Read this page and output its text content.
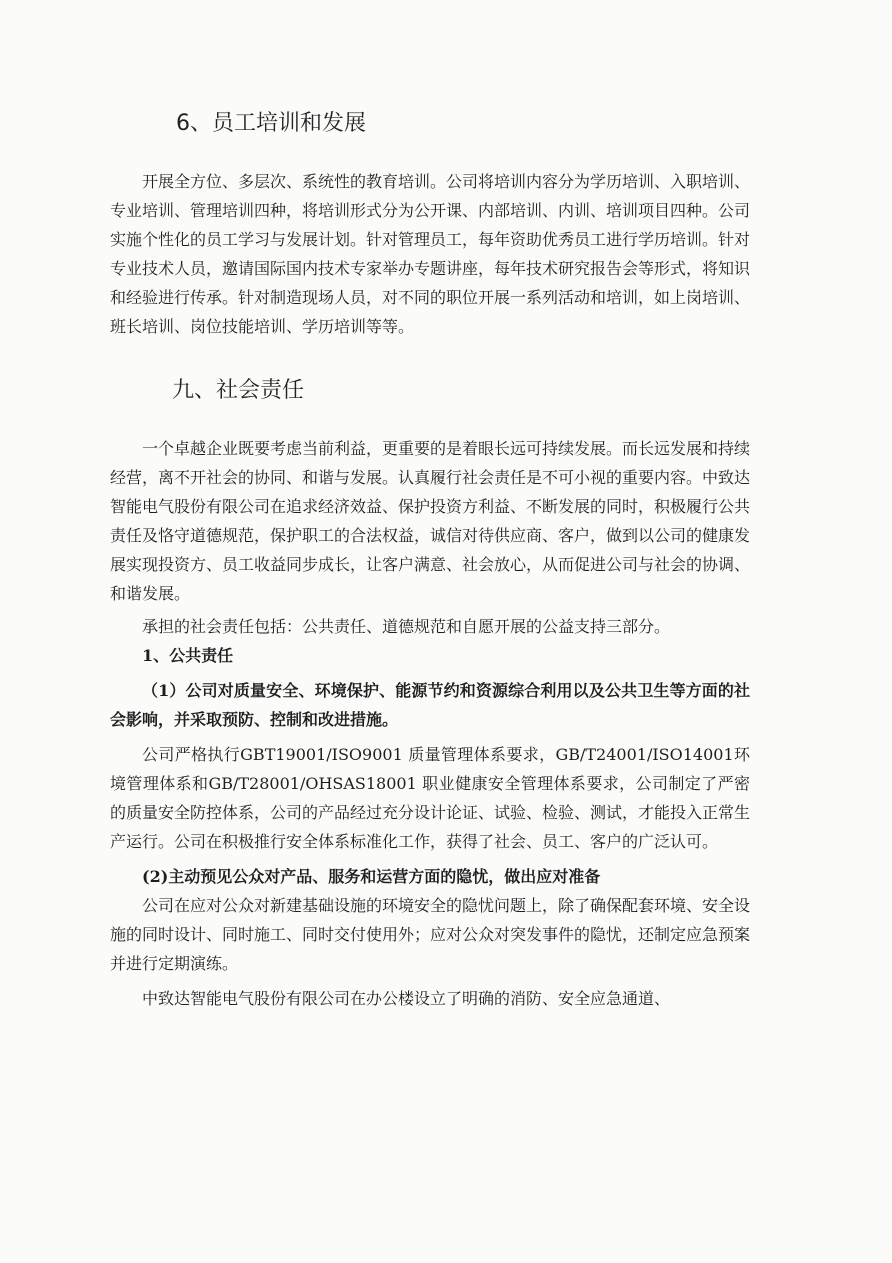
6、员工培训和发展

开展全方位、多层次、系统性的教育培训。公司将培训内容分为学历培训、入职培训、专业培训、管理培训四种，将培训形式分为公开课、内部培训、内训、培训项目四种。公司实施个性化的员工学习与发展计划。针对管理员工，每年资助优秀员工进行学历培训。针对专业技术人员，邀请国际国内技术专家举办专题讲座，每年技术研究报告会等形式，将知识和经验进行传承。针对制造现场人员，对不同的职位开展一系列活动和培训，如上岗培训、班长培训、岗位技能培训、学历培训等等。

九、社会责任

一个卓越企业既要考虑当前利益，更重要的是着眼长远可持续发展。而长远发展和持续经营，离不开社会的协同、和谐与发展。认真履行社会责任是不可小视的重要内容。中致达智能电气股份有限公司在追求经济效益、保护投资方利益、不断发展的同时，积极履行公共责任及恪守道德规范，保护职工的合法权益，诚信对待供应商、客户，做到以公司的健康发展实现投资方、员工收益同步成长，让客户满意、社会放心，从而促进公司与社会的协调、和谐发展。

承担的社会责任包括：公共责任、道德规范和自愿开展的公益支持三部分。

1、公共责任

（1）公司对质量安全、环境保护、能源节约和资源综合利用以及公共卫生等方面的社会影响，并采取预防、控制和改进措施。

公司严格执行GBT19001/ISO9001 质量管理体系要求，GB/T24001/ISO14001环境管理体系和GB/T28001/OHSAS18001 职业健康安全管理体系要求，公司制定了严密的质量安全防控体系，公司的产品经过充分设计论证、试验、检验、测试，才能投入正常生产运行。公司在积极推行安全体系标准化工作，获得了社会、员工、客户的广泛认可。

(2)主动预见公众对产品、服务和运营方面的隐忧，做出应对准备

公司在应对公众对新建基础设施的环境安全的隐忧问题上，除了确保配套环境、安全设施的同时设计、同时施工、同时交付使用外；应对公众对突发事件的隐忧，还制定应急预案并进行定期演练。

中致达智能电气股份有限公司在办公楼设立了明确的消防、安全应急通道、
